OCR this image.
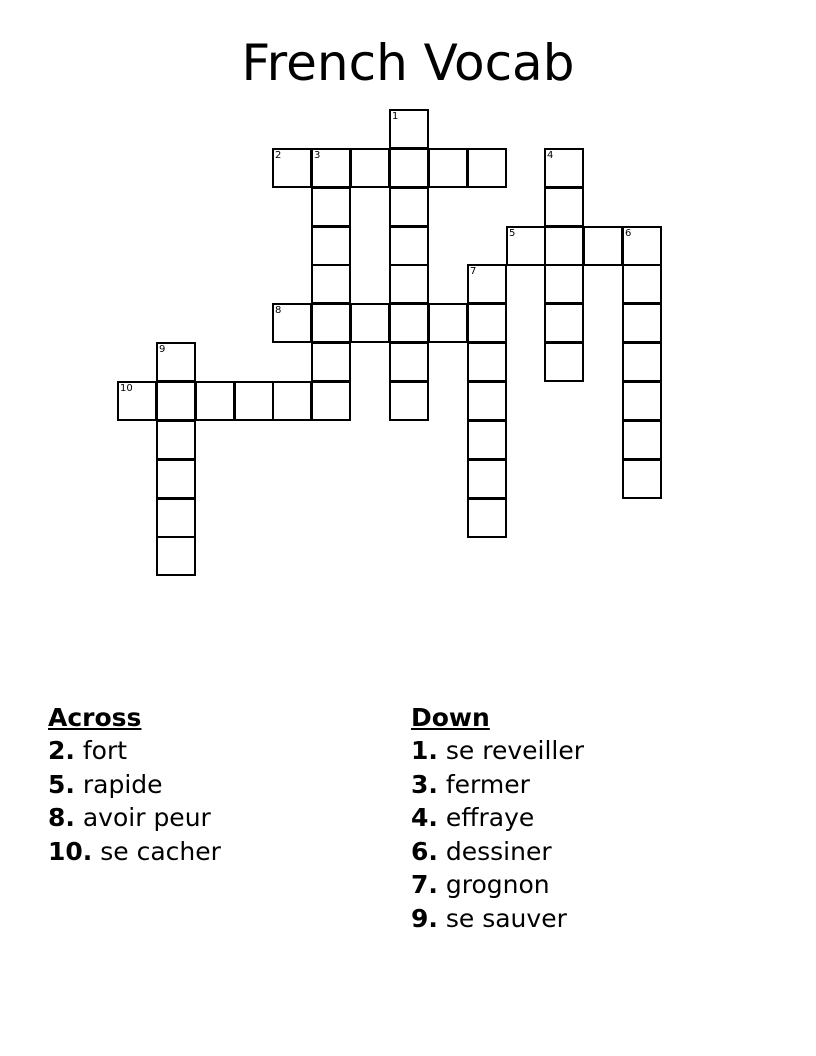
French Vocab
1
2	3	4
5	6
7
8
9
10
Across
2. fort
5. rapide
8. avoir peur
10. se cacher
Down
1. se reveiller
3. fermer
4. effraye
6. dessiner
7. grognon
9. se sauver
